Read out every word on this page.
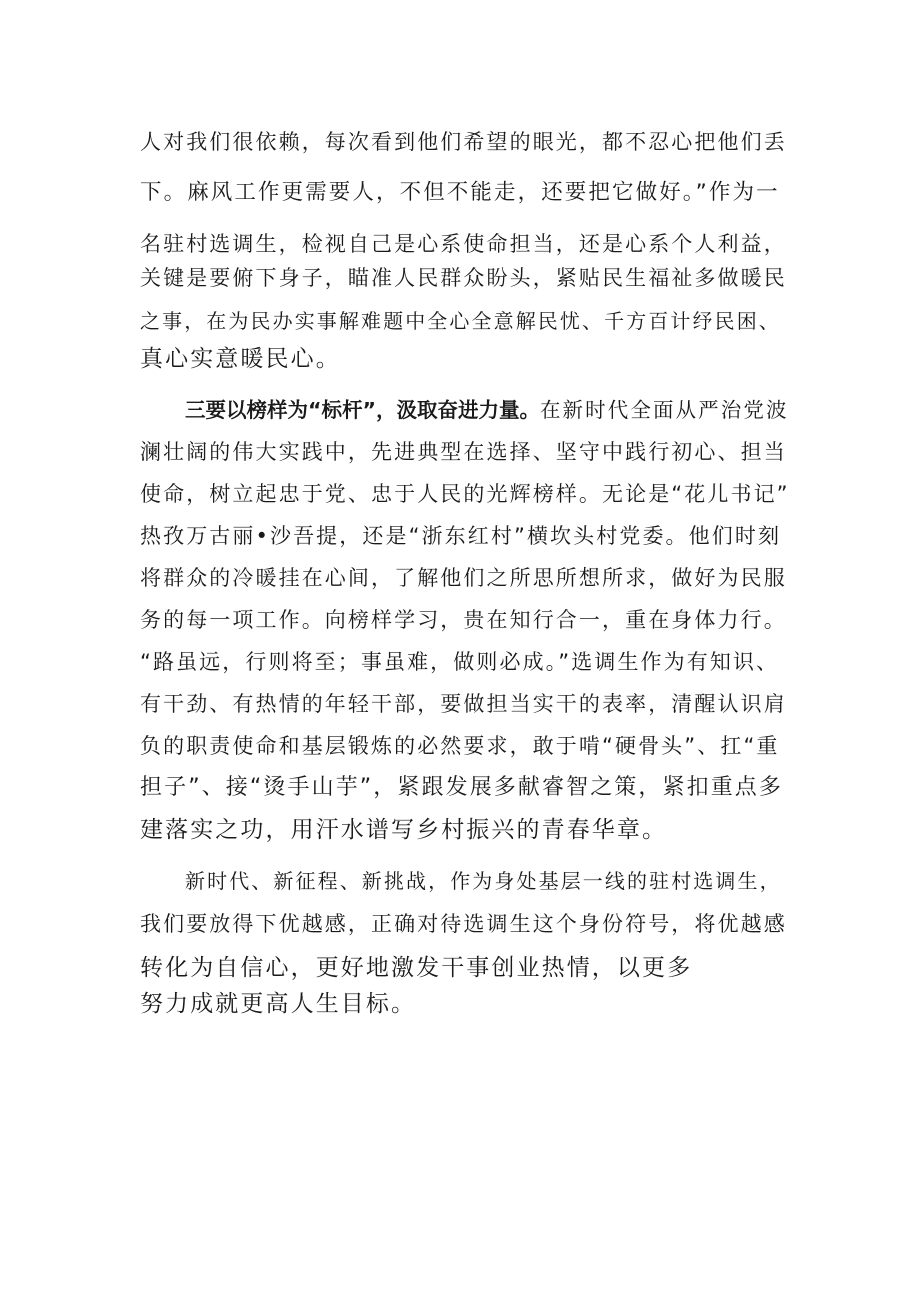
人对我们很依赖，每次看到他们希望的眼光，都不忍心把他们丢
下。麻风工作更需要人，不但不能走，还要把它做好。”作为一
名驻村选调生，检视自己是心系使命担当，还是心系个人利益，
关键是要俯下身子，瞄准人民群众盼头，紧贴民生福祉多做暖民
之事，在为民办实事解难题中全心全意解民忧、千方百计纾民困、
真心实意暖民心。
三要以榜样为“标杆”，汲取奋进力量。在新时代全面从严治党波
澜壮阔的伟大实践中，先进典型在选择、坚守中践行初心、担当
使命，树立起忠于党、忠于人民的光辉榜样。无论是“花儿书记”
热孜万古丽•沙吾提，还是“浙东红村”横坎头村党委。他们时刻
将群众的冷暖挂在心间，了解他们之所思所想所求，做好为民服
务的每一项工作。向榜样学习，贵在知行合一，重在身体力行。
“路虽远，行则将至；事虽难，做则必成。”选调生作为有知识、
有干劲、有热情的年轻干部，要做担当实干的表率，清醒认识肩
负的职责使命和基层锻炼的必然要求，敢于啃“硬骨头”、扛“重
担子”、接“烫手山芋”，紧跟发展多献睿智之策，紧扣重点多
建落实之功，用汗水谱写乡村振兴的青春华章。
新时代、新征程、新挑战，作为身处基层一线的驻村选调生，
我们要放得下优越感，正确对待选调生这个身份符号，将优越感
转化为自信心，更好地激发干事创业热情，以更多
努力成就更高人生目标。
